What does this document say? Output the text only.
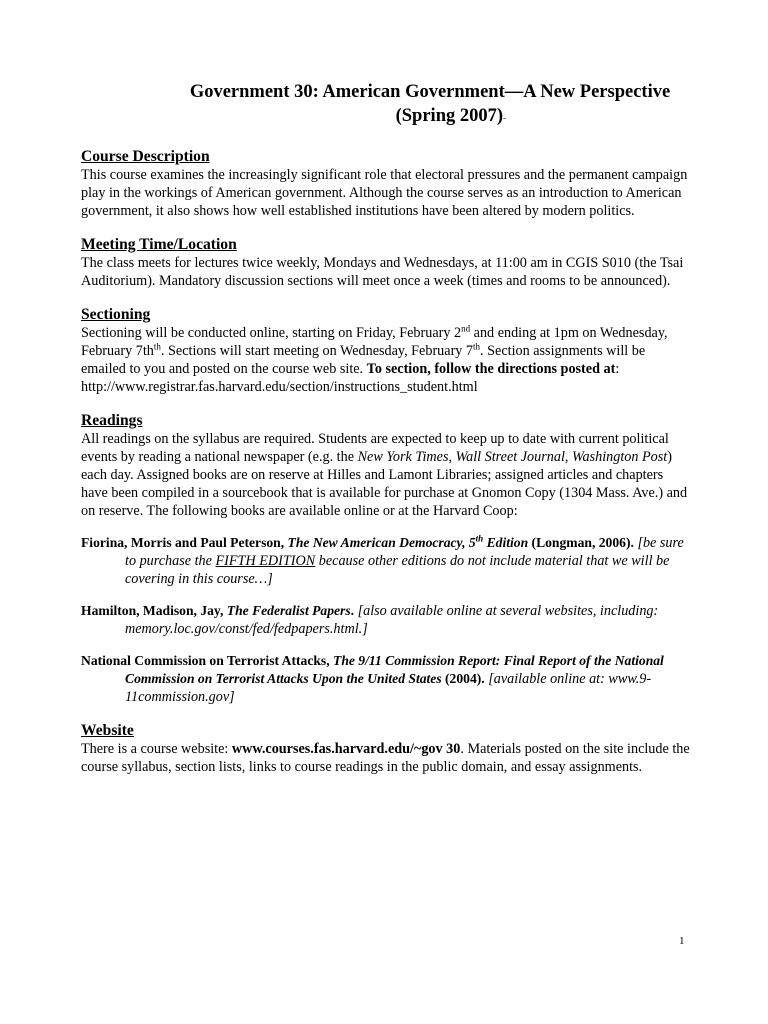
Government 30: American Government—A New Perspective
(Spring 2007)-
Course Description

This course examines the increasingly significant role that electoral pressures and the permanent campaign play in the workings of American government. Although the course serves as an introduction to American government, it also shows how well established institutions have been altered by modern politics.

Meeting Time/Location

The class meets for lectures twice weekly, Mondays and Wednesdays, at 11:00 am in CGIS S010 (the Tsai Auditorium). Mandatory discussion sections will meet once a week (times and rooms to be announced).

Sectioning

Sectioning will be conducted online, starting on Friday, February 2nd and ending at 1pm on Wednesday, February $7th^{th}$. Sections will start meeting on Wednesday, February 7th. Section assignments will be emailed to you and posted on the course web site. To section, follow the directions posted at: http://www.registrar.fas.harvard.edu/section/instructions_student.html

Readings

All readings on the syllabus are required. Students are expected to keep up to date with current political events by reading a national newspaper (e.g. the New York Times, Wall Street Journal, Washington Post) each day. Assigned books are on reserve at Hilles and Lamont Libraries; assigned articles and chapters have been compiled in a sourcebook that is available for purchase at Gnomon Copy (1304 Mass. Ave.) and on reserve. The following books are available online or at the Harvard Coop:

Fiorina, Morris and Paul Peterson, The New American Democracy, 5th Edition (Longman, 2006). [be sure to purchase the FIFTH EDITION because other editions do not include material that we will be covering in this course…]

Hamilton, Madison, Jay, The Federalist Papers. [also available online at several websites, including: memory.loc.gov/const/fed/fedpapers.html.]

National Commission on Terrorist Attacks, The 9/11 Commission Report: Final Report of the National Commission on Terrorist Attacks Upon the United States (2004). [available online at: www.9-11commission.gov]

Website

There is a course website: www.courses.fas.harvard.edu/~gov 30. Materials posted on the site include the course syllabus, section lists, links to course readings in the public domain, and essay assignments.

1
